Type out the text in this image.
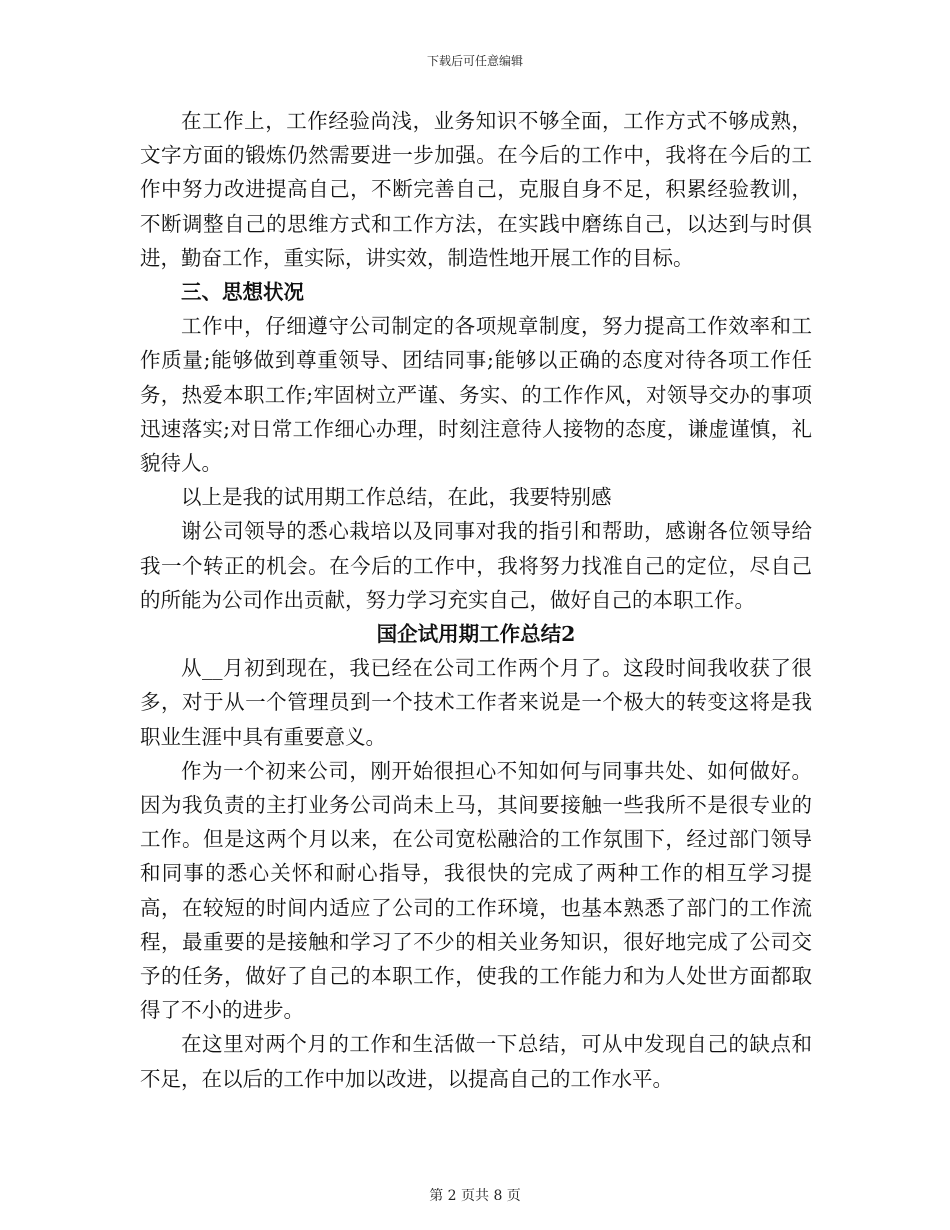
下载后可任意编辑

在工作上，工作经验尚浅，业务知识不够全面，工作方式不够成熟，文字方面的锻炼仍然需要进一步加强。在今后的工作中，我将在今后的工作中努力改进提高自己，不断完善自己，克服自身不足，积累经验教训，不断调整自己的思维方式和工作方法，在实践中磨练自己，以达到与时俱进，勤奋工作，重实际，讲实效，制造性地开展工作的目标。

三、思想状况

工作中，仔细遵守公司制定的各项规章制度，努力提高工作效率和工作质量;能够做到尊重领导、团结同事;能够以正确的态度对待各项工作任务，热爱本职工作;牢固树立严谨、务实、的工作作风，对领导交办的事项迅速落实;对日常工作细心办理，时刻注意待人接物的态度，谦虚谨慎，礼貌待人。

以上是我的试用期工作总结，在此，我要特别感

谢公司领导的悉心栽培以及同事对我的指引和帮助，感谢各位领导给我一个转正的机会。在今后的工作中，我将努力找准自己的定位，尽自己的所能为公司作出贡献，努力学习充实自己，做好自己的本职工作。

国企试用期工作总结2

从__月初到现在，我已经在公司工作两个月了。这段时间我收获了很多，对于从一个管理员到一个技术工作者来说是一个极大的转变这将是我职业生涯中具有重要意义。

作为一个初来公司，刚开始很担心不知如何与同事共处、如何做好。因为我负责的主打业务公司尚未上马，其间要接触一些我所不是很专业的工作。但是这两个月以来，在公司宽松融洽的工作氛围下，经过部门领导和同事的悉心关怀和耐心指导，我很快的完成了两种工作的相互学习提高，在较短的时间内适应了公司的工作环境，也基本熟悉了部门的工作流程，最重要的是接触和学习了不少的相关业务知识，很好地完成了公司交予的任务，做好了自己的本职工作，使我的工作能力和为人处世方面都取得了不小的进步。

在这里对两个月的工作和生活做一下总结，可从中发现自己的缺点和不足，在以后的工作中加以改进，以提高自己的工作水平。

第 2 页共 8 页
